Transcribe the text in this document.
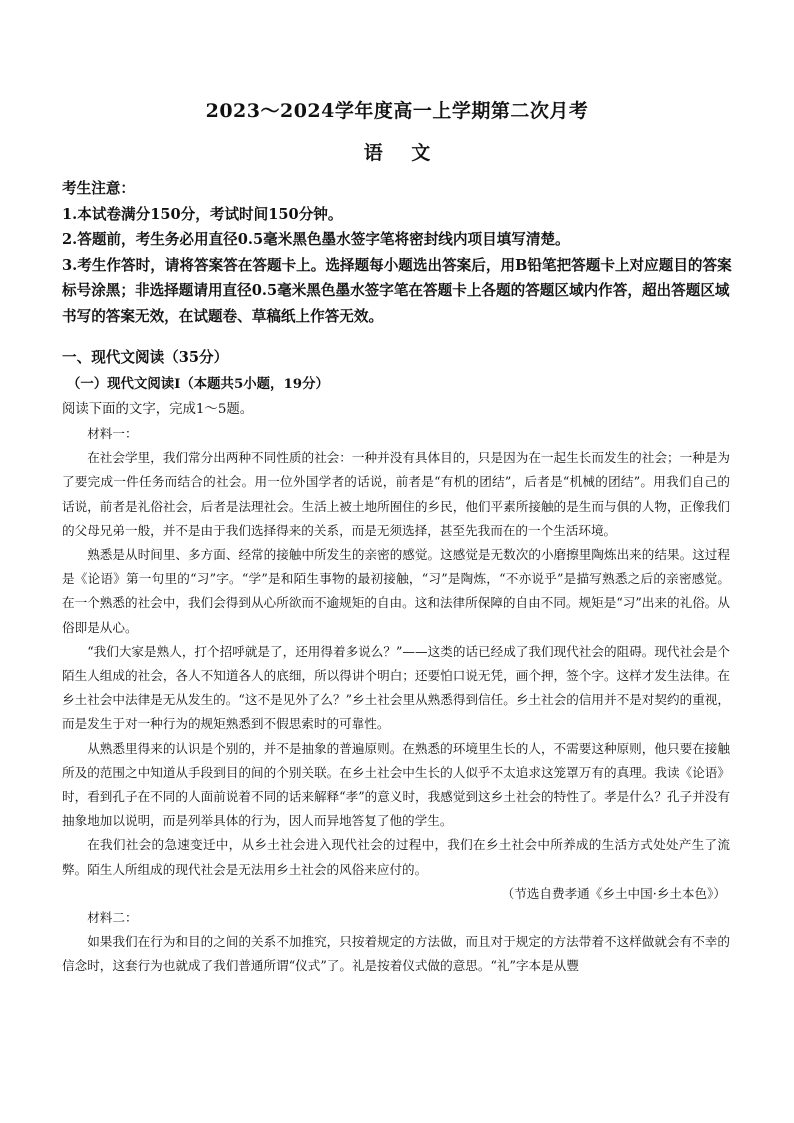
2023～2024学年度高一上学期第二次月考
语 文

考生注意：

1.本试卷满分150分，考试时间150分钟。

2.答题前，考生务必用直径0.5毫米黑色墨水签字笔将密封线内项目填写清楚。

3.考生作答时，请将答案答在答题卡上。选择题每小题选出答案后，用B铅笔把答题卡上对应题目的答案标号涂黑；非选择题请用直径0.5毫米黑色墨水签字笔在答题卡上各题的答题区域内作答，超出答题区域书写的答案无效，在试题卷、草稿纸上作答无效。

一、现代文阅读（35分）
（一）现代文阅读Ⅰ（本题共5小题，19分）
阅读下面的文字，完成1～5题。

材料一：

在社会学里，我们常分出两种不同性质的社会：一种并没有具体目的，只是因为在一起生长而发生的社会；一种是为了要完成一件任务而结合的社会。用一位外国学者的话说，前者是“有机的团结”，后者是“机械的团结”。用我们自己的话说，前者是礼俗社会，后者是法理社会。生活上被土地所囿住的乡民，他们平素所接触的是生而与俱的人物，正像我们的父母兄弟一般，并不是由于我们选择得来的关系，而是无须选择，甚至先我而在的一个生活环境。

熟悉是从时间里、多方面、经常的接触中所发生的亲密的感觉。这感觉是无数次的小磨擦里陶炼出来的结果。这过程是《论语》第一句里的“习”字。“学”是和陌生事物的最初接触，“习”是陶炼，“不亦说乎”是描写熟悉之后的亲密感觉。在一个熟悉的社会中，我们会得到从心所欲而不逾规矩的自由。这和法律所保障的自由不同。规矩是“习”出来的礼俗。从俗即是从心。

“我们大家是熟人，打个招呼就是了，还用得着多说么？”——这类的话已经成了我们现代社会的阻碍。现代社会是个陌生人组成的社会，各人不知道各人的底细，所以得讲个明白；还要怕口说无凭，画个押，签个字。这样才发生法律。在乡土社会中法律是无从发生的。“这不是见外了么？”乡土社会里从熟悉得到信任。乡土社会的信用并不是对契约的重视，而是发生于对一种行为的规矩熟悉到不假思索时的可靠性。

从熟悉里得来的认识是个别的，并不是抽象的普遍原则。在熟悉的环境里生长的人，不需要这种原则，他只要在接触所及的范围之中知道从手段到目的间的个别关联。在乡土社会中生长的人似乎不太追求这笼罩万有的真理。我读《论语》时，看到孔子在不同的人面前说着不同的话来解释“孝”的意义时，我感觉到这乡土社会的特性了。孝是什么？孔子并没有抽象地加以说明，而是列举具体的行为，因人而异地答复了他的学生。

在我们社会的急速变迁中，从乡土社会进入现代社会的过程中，我们在乡土社会中所养成的生活方式处处产生了流弊。陌生人所组成的现代社会是无法用乡土社会的风俗来应付的。

（节选自费孝通《乡土中国·乡土本色》）

材料二：

如果我们在行为和目的之间的关系不加推究，只按着规定的方法做，而且对于规定的方法带着不这样做就会有不幸的信念时，这套行为也就成了我们普通所谓“仪式”了。礼是按着仪式做的意思。“礼”字本是从豐
